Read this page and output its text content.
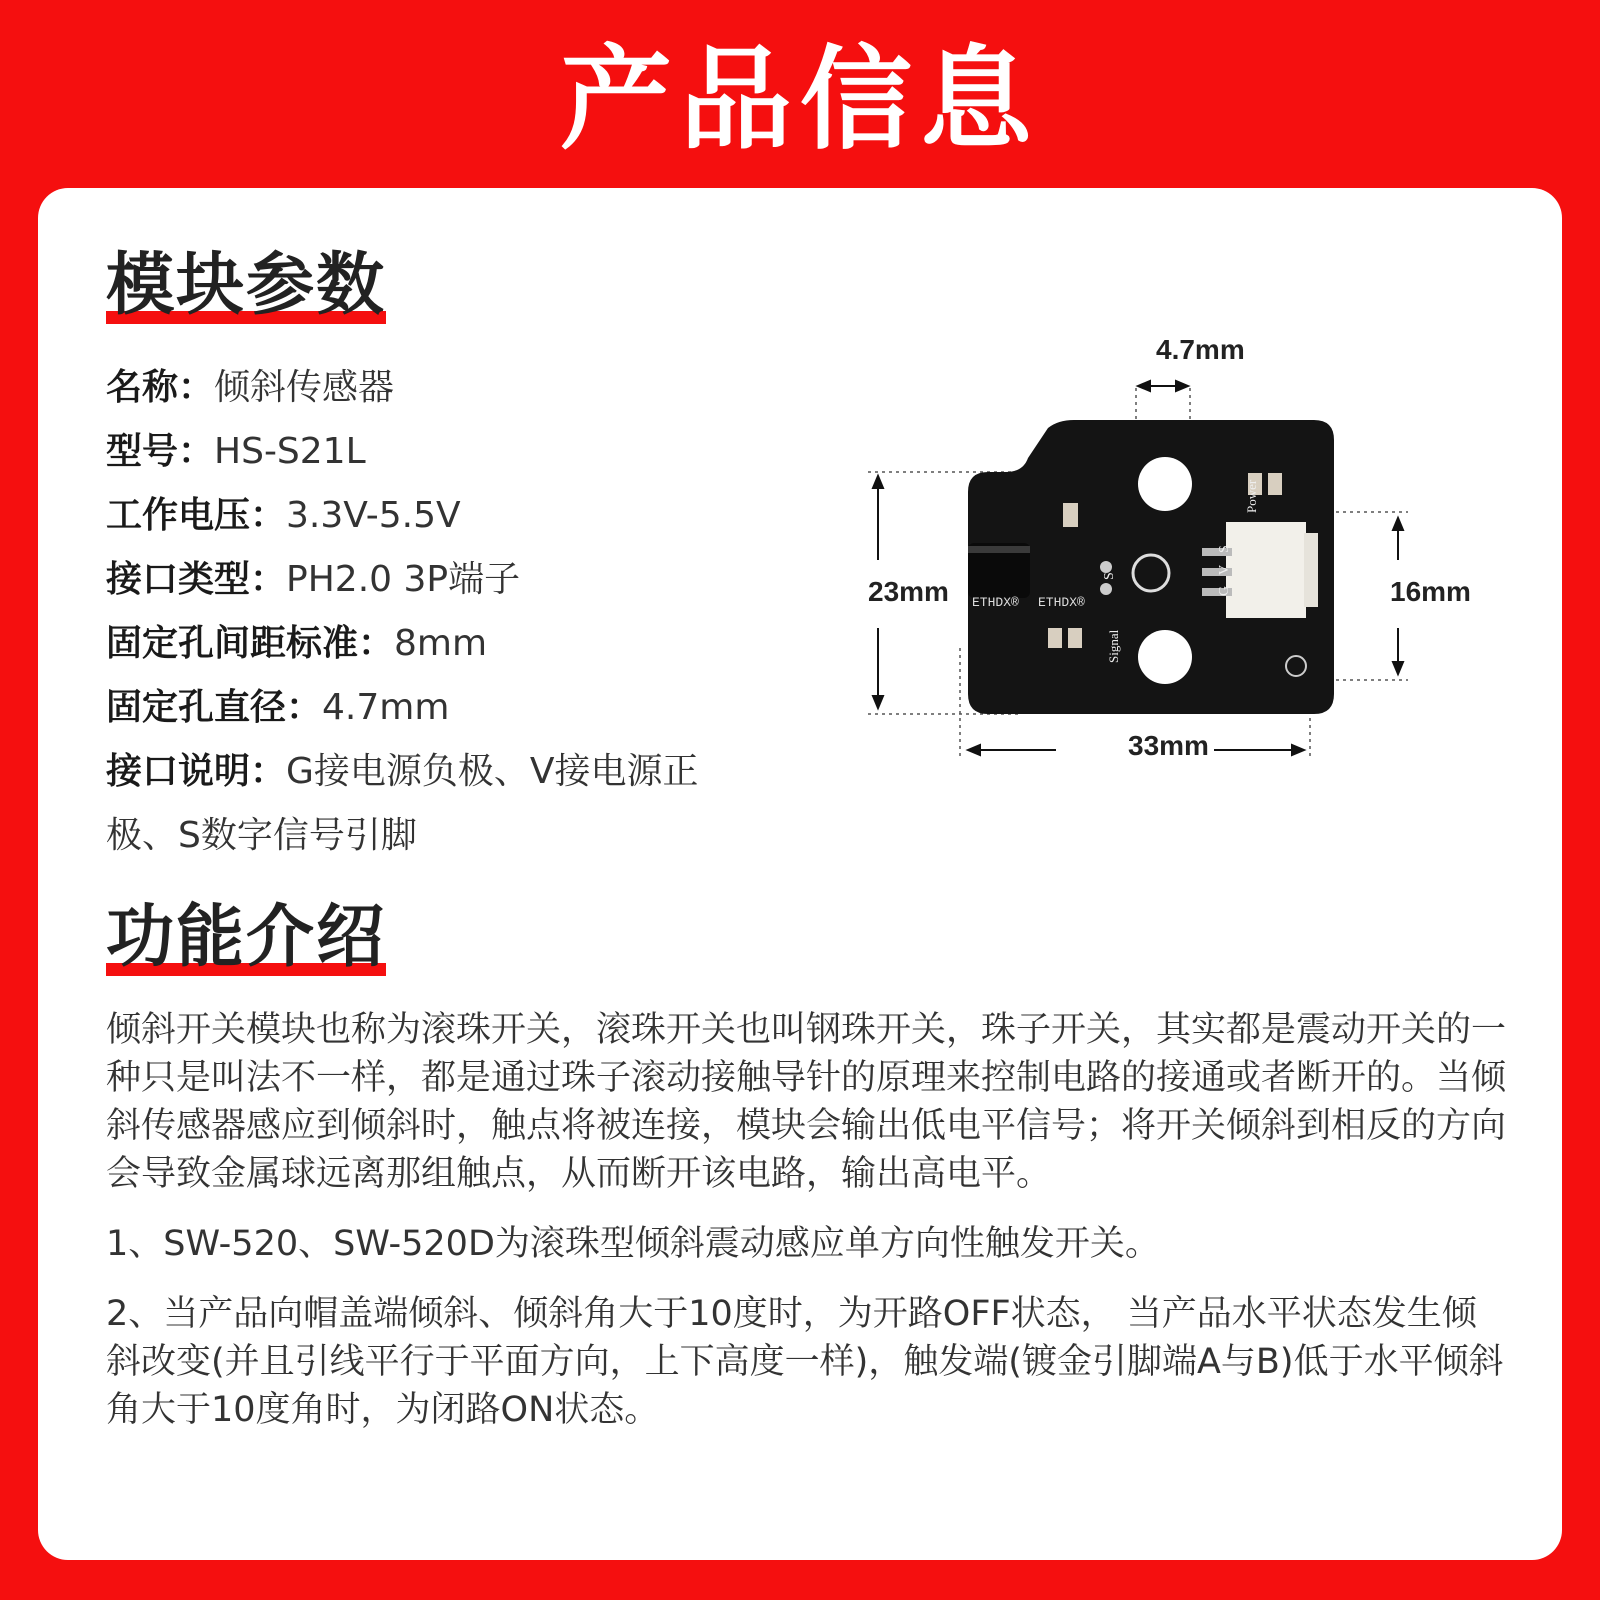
产品信息
模块参数
名称：倾斜传感器
型号：HS-S21L
工作电压：3.3V-5.5V
接口类型：PH2.0 3P端子
固定孔间距标准：8mm
固定孔直径：4.7mm
接口说明：G接电源负极、V接电源正极、S数字信号引脚
S
S
V
G
Power
Signal
ETHDX® ETHDX®
4.7mm
23mm	16mm
33mm
功能介绍

倾斜开关模块也称为滚珠开关，滚珠开关也叫钢珠开关，珠子开关，其实都是震动开关的一种只是叫法不一样，都是通过珠子滚动接触导针的原理来控制电路的接通或者断开的。当倾斜传感器感应到倾斜时，触点将被连接，模块会输出低电平信号；将开关倾斜到相反的方向会导致金属球远离那组触点，从而断开该电路，输出高电平。

1、SW-520、SW-520D为滚珠型倾斜震动感应单方向性触发开关。

2、当产品向帽盖端倾斜、倾斜角大于10度时，为开路OFF状态， 当产品水平状态发生倾斜改变(并且引线平行于平面方向，上下高度一样)，触发端(镀金引脚端A与B)低于水平倾斜角大于10度角时，为闭路ON状态。
